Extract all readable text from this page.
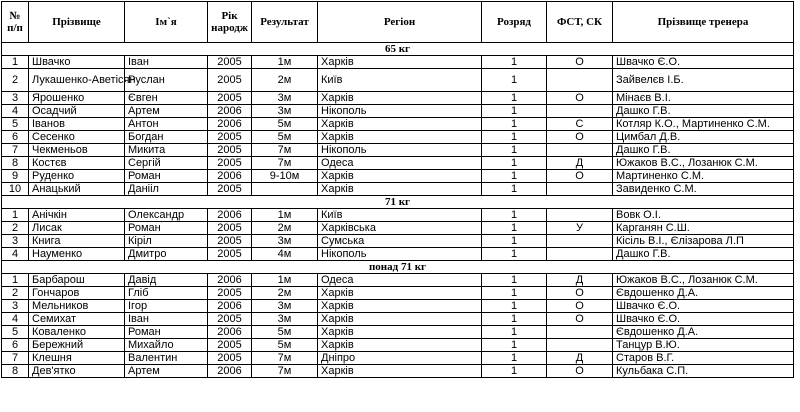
№ п/п	Прізвище	Ім`я	Рік народж	Результат	Регіон	Розряд	ФСТ, СК	Прізвище тренера
65 кг								
1	Швачко	Іван	2005	1м	Харків	1	О	Швачко Є.О.
2	Лукашенко-Аветісян	Руслан	2005	2м	Київ	1		Зайвелєв І.Б.
3	Ярошенко	Євген	2005	3м	Харків	1	О	Мінаєв В.І.
4	Осадчий	Артем	2006	3м	Нікополь	1		Дашко Г.В.
5	Іванов	Антон	2006	5м	Харків	1	С	Котляр К.О., Мартиненко С.М.
6	Сесенко	Богдан	2005	5м	Харків	1	О	Цимбал Д.В.
7	Чекменьов	Микита	2005	7м	Нікополь	1		Дашко Г.В.
8	Костєв	Сергій	2005	7м	Одеса	1	Д	Южаков В.С., Лозанюк С.М.
9	Руденко	Роман	2006	9-10м	Харків	1	О	Мартиненко С.М.
10	Анацький	Данііл	2005		Харків	1		Завиденко С.М.
71 кг								
1	Анічкін	Олександр	2006	1м	Київ	1		Вовк О.І.
2	Лисак	Роман	2005	2м	Харківська	1	У	Карганян С.Ш.
3	Книга	Кіріл	2005	3м	Сумська	1		Кісіль В.І., Єлізарова Л.П
4	Науменко	Дмитро	2005	4м	Нікополь	1		Дашко Г.В.
понад 71 кг								
1	Барбарош	Давід	2006	1м	Одеса	1	Д	Южаков В.С., Лозанюк С.М.
2	Гончаров	Гліб	2005	2м	Харків	1	О	Євдошенко Д.А.
3	Мельников	Ігор	2006	3м	Харків	1	О	Швачко Є.О.
4	Семихат	Іван	2005	3м	Харків	1	О	Швачко Є.О.
5	Коваленко	Роман	2006	5м	Харків	1		Євдошенко Д.А.
6	Бережний	Михайло	2005	5м	Харків	1		Танцур В.Ю.
7	Клешня	Валентин	2005	7м	Дніпро	1	Д	Старов В.Г.
8	Дев'ятко	Артем	2006	7м	Харків	1	О	Кульбака С.П.
